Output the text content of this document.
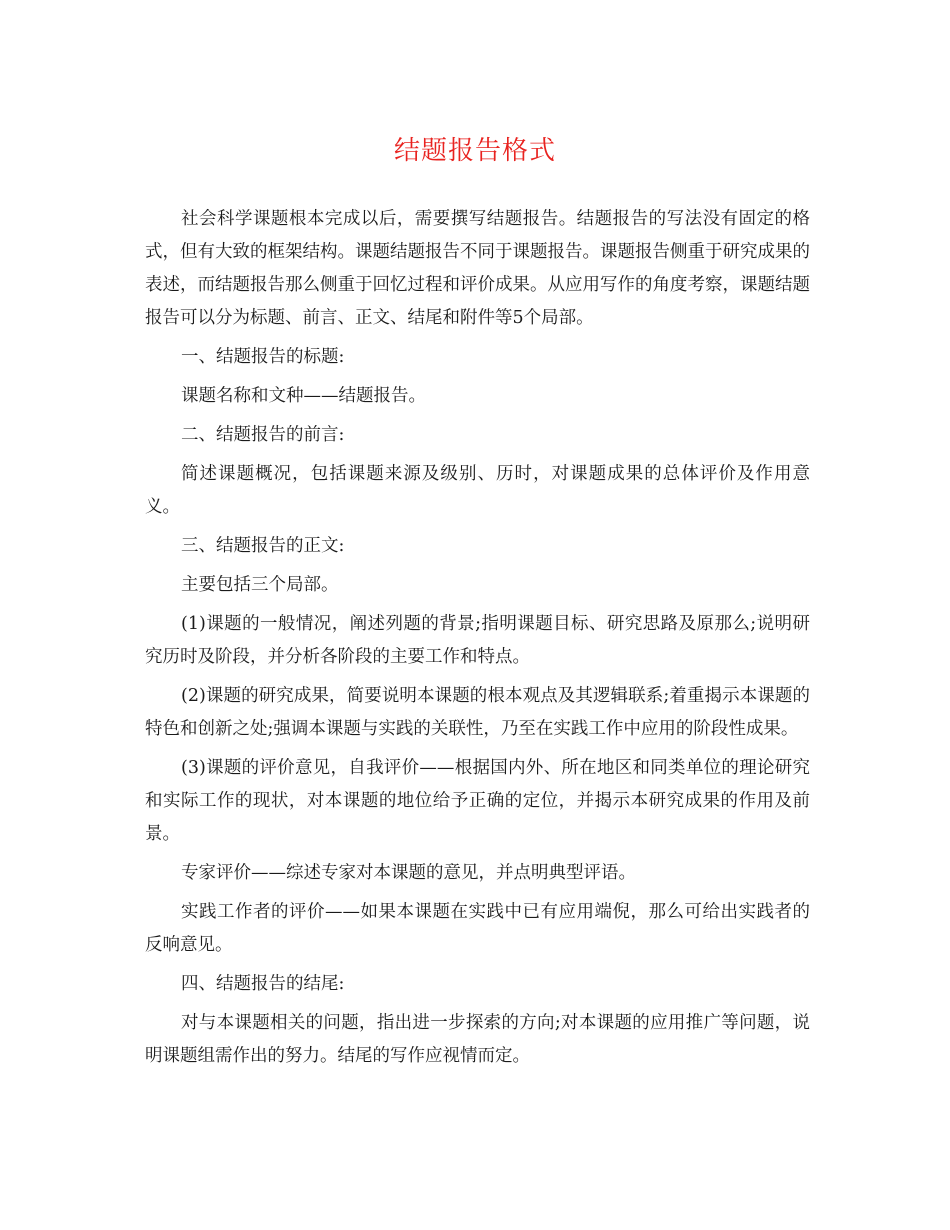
结题报告格式

社会科学课题根本完成以后，需要撰写结题报告。结题报告的写法没有固定的格式，但有大致的框架结构。课题结题报告不同于课题报告。课题报告侧重于研究成果的表述，而结题报告那么侧重于回忆过程和评价成果。从应用写作的角度考察，课题结题报告可以分为标题、前言、正文、结尾和附件等5个局部。

一、结题报告的标题:

课题名称和文种——结题报告。

二、结题报告的前言:

简述课题概况，包括课题来源及级别、历时，对课题成果的总体评价及作用意义。

三、结题报告的正文:

主要包括三个局部。

(1)课题的一般情况，阐述列题的背景;指明课题目标、研究思路及原那么;说明研究历时及阶段，并分析各阶段的主要工作和特点。

(2)课题的研究成果，简要说明本课题的根本观点及其逻辑联系;着重揭示本课题的特色和创新之处;强调本课题与实践的关联性，乃至在实践工作中应用的阶段性成果。

(3)课题的评价意见，自我评价——根据国内外、所在地区和同类单位的理论研究和实际工作的现状，对本课题的地位给予正确的定位，并揭示本研究成果的作用及前景。

专家评价——综述专家对本课题的意见，并点明典型评语。

实践工作者的评价——如果本课题在实践中已有应用端倪，那么可给出实践者的反响意见。

四、结题报告的结尾:

对与本课题相关的问题，指出进一步探索的方向;对本课题的应用推广等问题，说明课题组需作出的努力。结尾的写作应视情而定。
